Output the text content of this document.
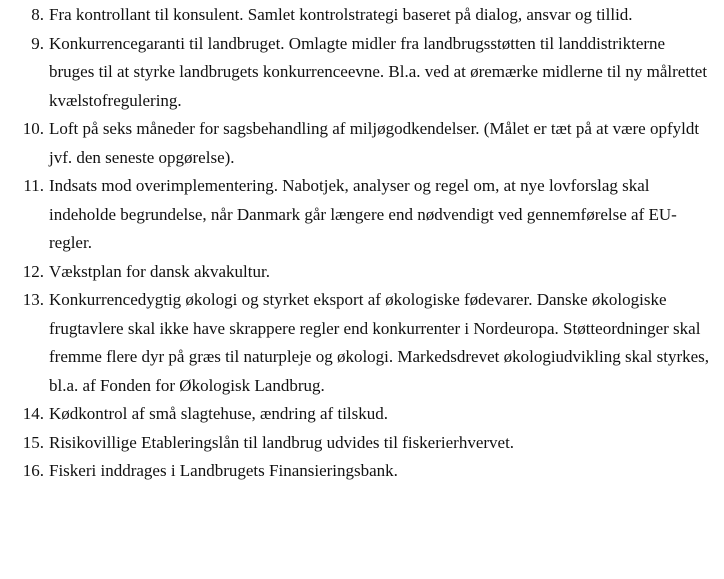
8. Fra kontrollant til konsulent. Samlet kontrolstrategi baseret på dialog, ansvar og tillid.
9. Konkurrencegaranti til landbruget. Omlagte midler fra landbrugsstøtten til landdistrikterne bruges til at styrke landbrugets konkurrenceevne. Bl.a. ved at øremærke midlerne til ny målrettet kvælstofregulering.
10. Loft på seks måneder for sagsbehandling af miljøgodkendelser. (Målet er tæt på at være opfyldt jvf. den seneste opgørelse).
11. Indsats mod overimplementering. Nabotjek, analyser og regel om, at nye lovforslag skal indeholde begrundelse, når Danmark går længere end nødvendigt ved gennemførelse af EU-regler.
12. Vækstplan for dansk akvakultur.
13. Konkurrencedygtig økologi og styrket eksport af økologiske fødevarer. Danske økologiske frugtavlere skal ikke have skrappere regler end konkurrenter i Nordeuropa. Støtteordninger skal fremme flere dyr på græs til naturpleje og økologi. Markedsdrevet økologiudvikling skal styrkes, bl.a. af Fonden for Økologisk Landbrug.
14. Kødkontrol af små slagtehuse, ændring af tilskud.
15. Risikovillige Etableringslån til landbrug udvides til fiskerierhvervet.
16. Fiskeri inddrages i Landbrugets Finansieringsbank.
